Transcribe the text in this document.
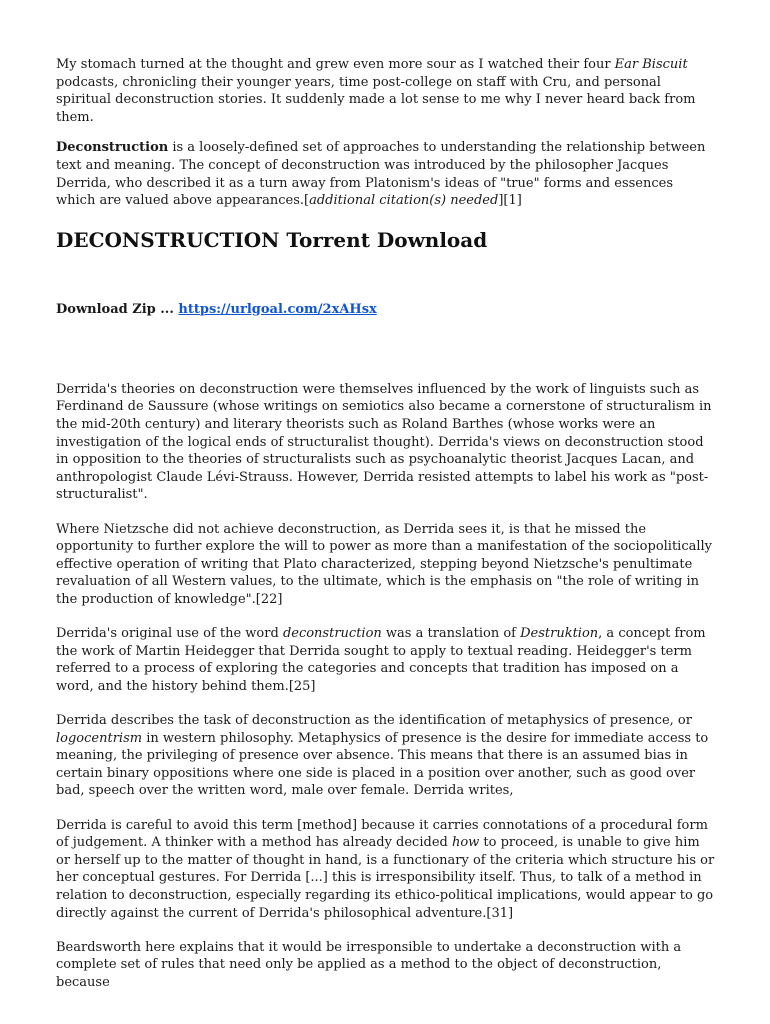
My stomach turned at the thought and grew even more sour as I watched their four Ear Biscuit podcasts, chronicling their younger years, time post-college on staff with Cru, and personal spiritual deconstruction stories. It suddenly made a lot sense to me why I never heard back from them.

Deconstruction is a loosely-defined set of approaches to understanding the relationship between text and meaning. The concept of deconstruction was introduced by the philosopher Jacques Derrida, who described it as a turn away from Platonism's ideas of "true" forms and essences which are valued above appearances.[additional citation(s) needed][1]

DECONSTRUCTION Torrent Download
Download Zip ... https://urlgoal.com/2xAHsx

Derrida's theories on deconstruction were themselves influenced by the work of linguists such as Ferdinand de Saussure (whose writings on semiotics also became a cornerstone of structuralism in the mid-20th century) and literary theorists such as Roland Barthes (whose works were an investigation of the logical ends of structuralist thought). Derrida's views on deconstruction stood in opposition to the theories of structuralists such as psychoanalytic theorist Jacques Lacan, and anthropologist Claude Lévi-Strauss. However, Derrida resisted attempts to label his work as "post-structuralist".

Where Nietzsche did not achieve deconstruction, as Derrida sees it, is that he missed the opportunity to further explore the will to power as more than a manifestation of the sociopolitically effective operation of writing that Plato characterized, stepping beyond Nietzsche's penultimate revaluation of all Western values, to the ultimate, which is the emphasis on "the role of writing in the production of knowledge".[22]

Derrida's original use of the word deconstruction was a translation of Destruktion, a concept from the work of Martin Heidegger that Derrida sought to apply to textual reading. Heidegger's term referred to a process of exploring the categories and concepts that tradition has imposed on a word, and the history behind them.[25]

Derrida describes the task of deconstruction as the identification of metaphysics of presence, or logocentrism in western philosophy. Metaphysics of presence is the desire for immediate access to meaning, the privileging of presence over absence. This means that there is an assumed bias in certain binary oppositions where one side is placed in a position over another, such as good over bad, speech over the written word, male over female. Derrida writes,

Derrida is careful to avoid this term [method] because it carries connotations of a procedural form of judgement. A thinker with a method has already decided how to proceed, is unable to give him or herself up to the matter of thought in hand, is a functionary of the criteria which structure his or her conceptual gestures. For Derrida [...] this is irresponsibility itself. Thus, to talk of a method in relation to deconstruction, especially regarding its ethico-political implications, would appear to go directly against the current of Derrida's philosophical adventure.[31]

Beardsworth here explains that it would be irresponsible to undertake a deconstruction with a complete set of rules that need only be applied as a method to the object of deconstruction, because
